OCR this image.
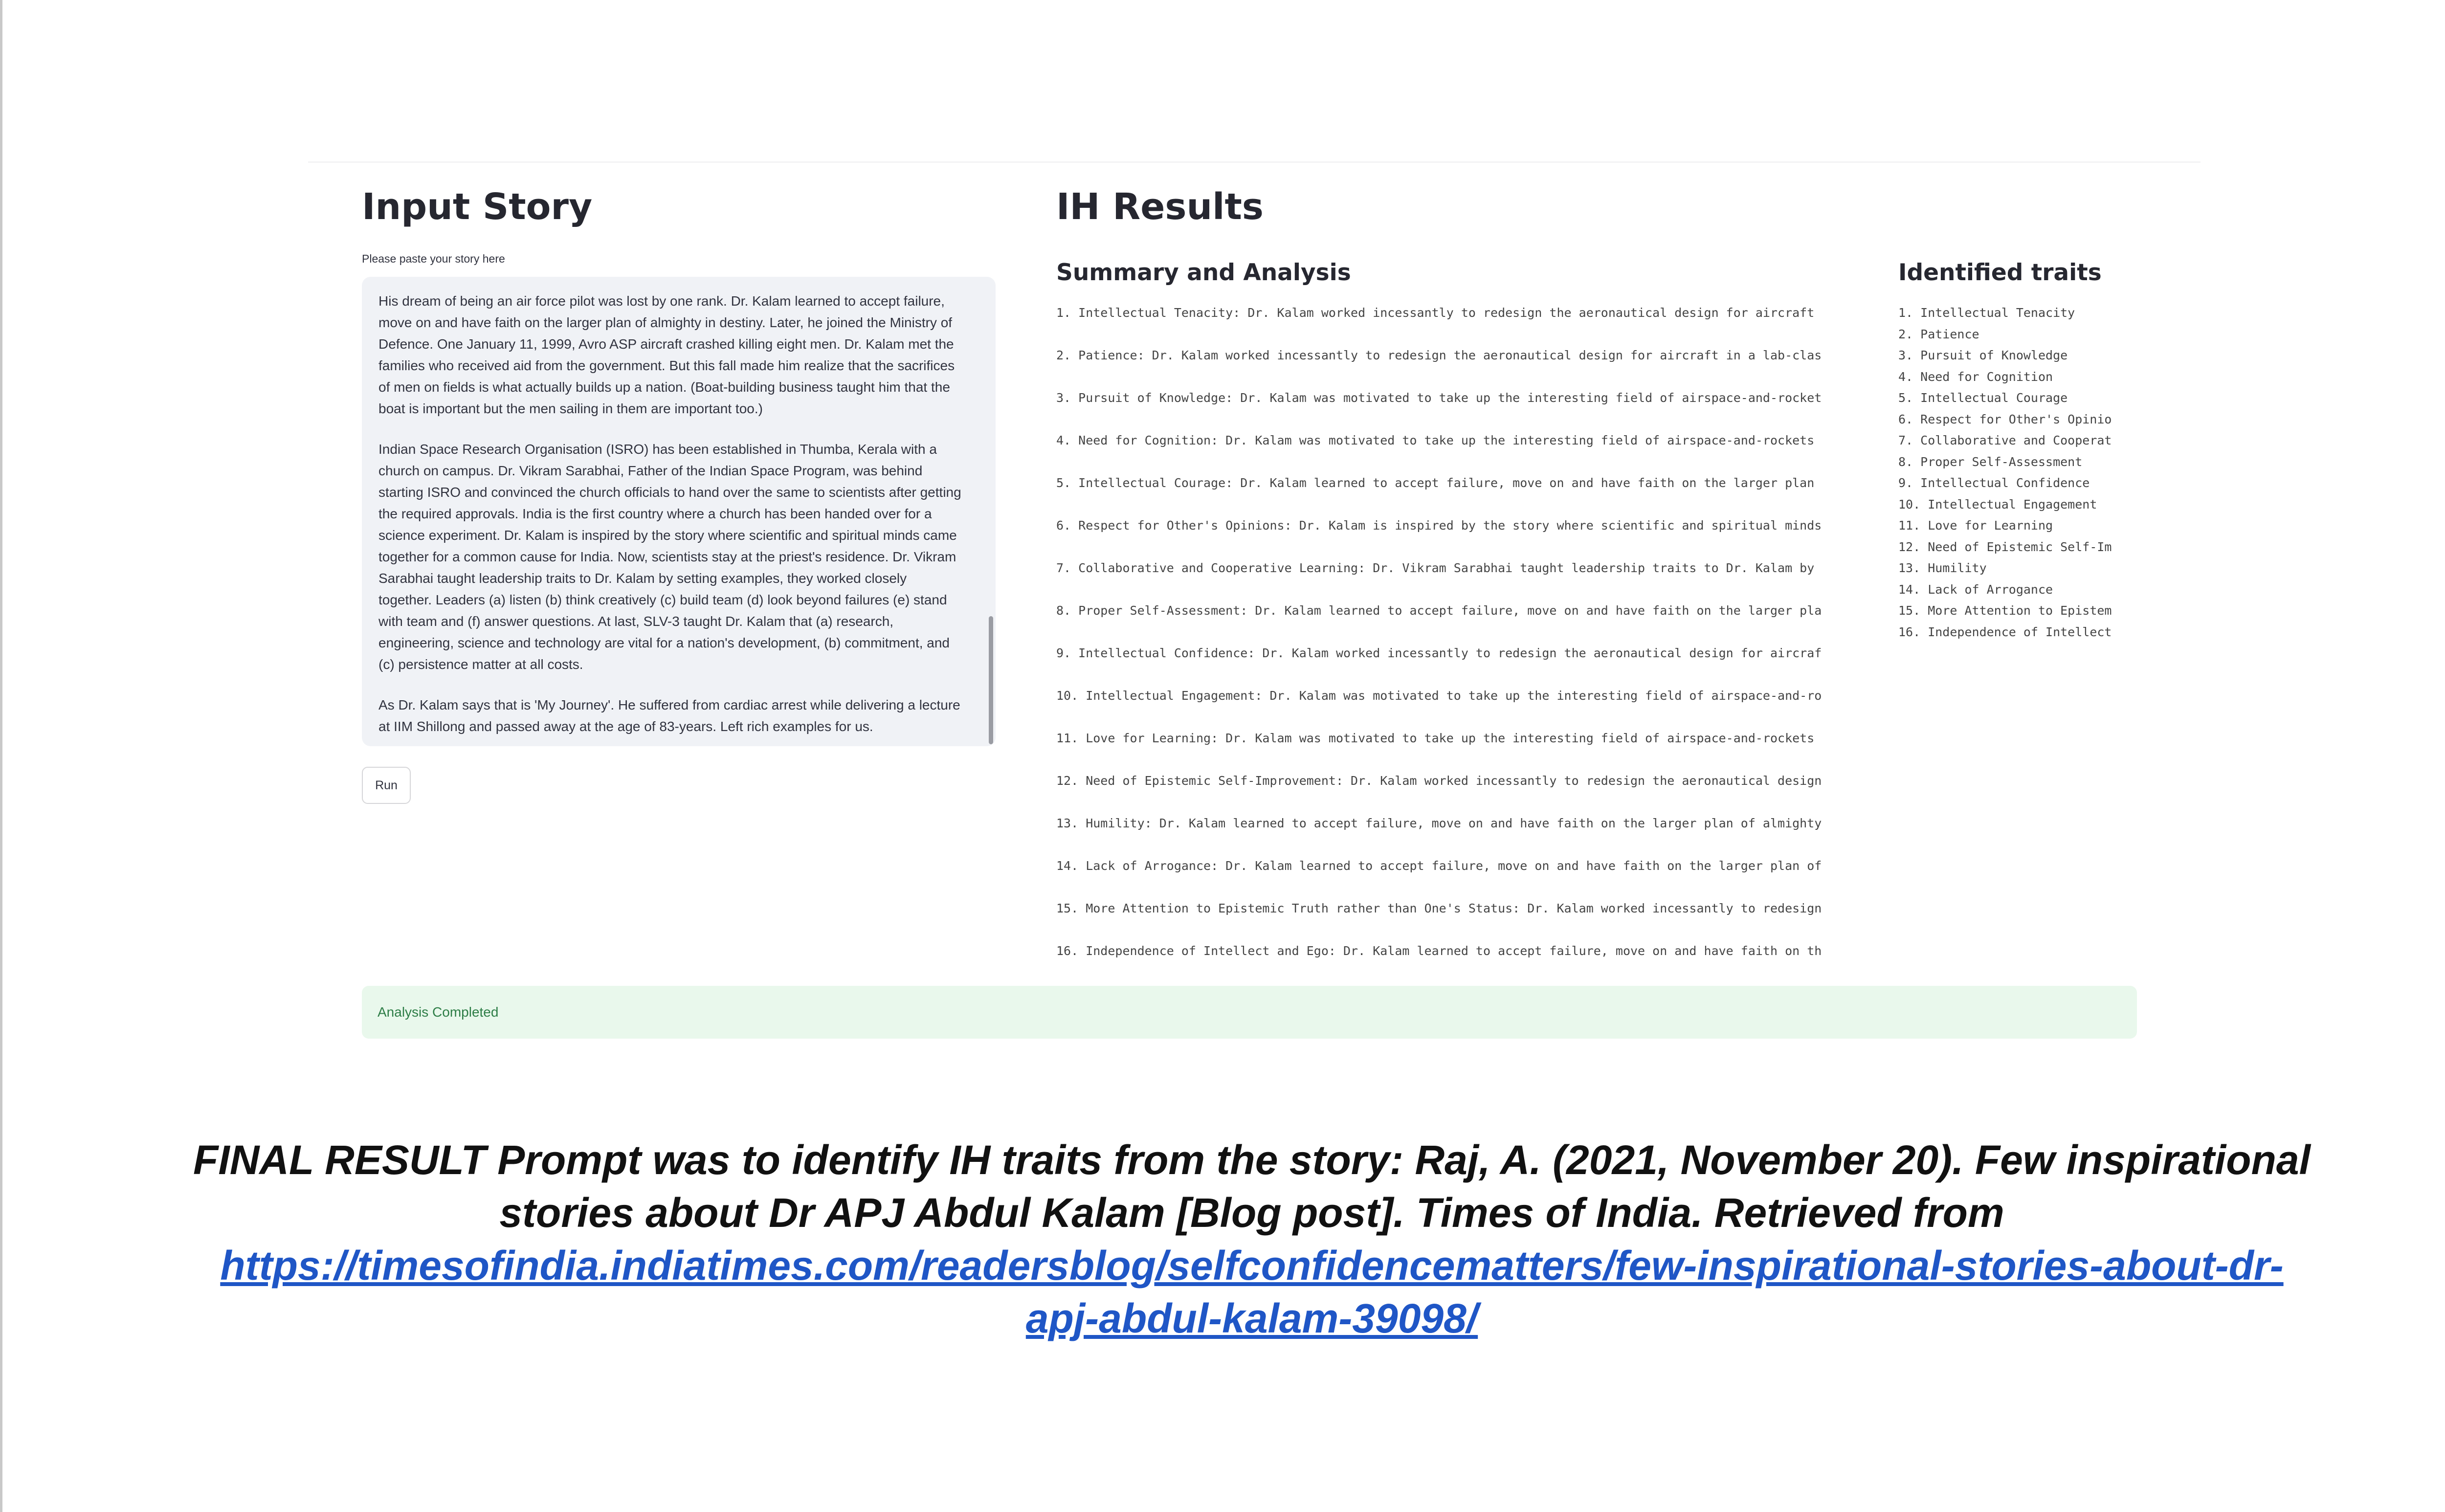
Input Story
Please paste your story here

His dream of being an air force pilot was lost by one rank. Dr. Kalam learned to accept failure, move on and have faith on the larger plan of almighty in destiny. Later, he joined the Ministry of Defence. One January 11, 1999, Avro ASP aircraft crashed killing eight men. Dr. Kalam met the families who received aid from the government. But this fall made him realize that the sacrifices of men on fields is what actually builds up a nation. (Boat-building business taught him that the boat is important but the men sailing in them are important too.)

Indian Space Research Organisation (ISRO) has been established in Thumba, Kerala with a church on campus. Dr. Vikram Sarabhai, Father of the Indian Space Program, was behind starting ISRO and convinced the church officials to hand over the same to scientists after getting the required approvals. India is the first country where a church has been handed over for a science experiment. Dr. Kalam is inspired by the story where scientific and spiritual minds came together for a common cause for India. Now, scientists stay at the priest's residence. Dr. Vikram Sarabhai taught leadership traits to Dr. Kalam by setting examples, they worked closely together. Leaders (a) listen (b) think creatively (c) build team (d) look beyond failures (e) stand with team and (f) answer questions. At last, SLV-3 taught Dr. Kalam that (a) research, engineering, science and technology are vital for a nation's development, (b) commitment, and (c) persistence matter at all costs.

As Dr. Kalam says that is 'My Journey'. He suffered from cardiac arrest while delivering a lecture at IIM Shillong and passed away at the age of 83-years. Left rich examples for us.

Run
IH Results
Summary and Analysis	Identified traits
1. Intellectual Tenacity: Dr. Kalam worked incessantly to redesign the aeronautical design for aircraft
2. Patience: Dr. Kalam worked incessantly to redesign the aeronautical design for aircraft in a lab-clas
3. Pursuit of Knowledge: Dr. Kalam was motivated to take up the interesting field of airspace-and-rocket
4. Need for Cognition: Dr. Kalam was motivated to take up the interesting field of airspace-and-rockets
5. Intellectual Courage: Dr. Kalam learned to accept failure, move on and have faith on the larger plan
6. Respect for Other's Opinions: Dr. Kalam is inspired by the story where scientific and spiritual minds
7. Collaborative and Cooperative Learning: Dr. Vikram Sarabhai taught leadership traits to Dr. Kalam by
8. Proper Self-Assessment: Dr. Kalam learned to accept failure, move on and have faith on the larger pla
9. Intellectual Confidence: Dr. Kalam worked incessantly to redesign the aeronautical design for aircraf
10. Intellectual Engagement: Dr. Kalam was motivated to take up the interesting field of airspace-and-ro
11. Love for Learning: Dr. Kalam was motivated to take up the interesting field of airspace-and-rockets
12. Need of Epistemic Self-Improvement: Dr. Kalam worked incessantly to redesign the aeronautical design
13. Humility: Dr. Kalam learned to accept failure, move on and have faith on the larger plan of almighty
14. Lack of Arrogance: Dr. Kalam learned to accept failure, move on and have faith on the larger plan of
15. More Attention to Epistemic Truth rather than One's Status: Dr. Kalam worked incessantly to redesign
16. Independence of Intellect and Ego: Dr. Kalam learned to accept failure, move on and have faith on th
1. Intellectual Tenacity
2. Patience
3. Pursuit of Knowledge
4. Need for Cognition
5. Intellectual Courage
6. Respect for Other's Opinio
7. Collaborative and Cooperat
8. Proper Self-Assessment
9. Intellectual Confidence
10. Intellectual Engagement
11. Love for Learning
12. Need of Epistemic Self-Im
13. Humility
14. Lack of Arrogance
15. More Attention to Epistem
16. Independence of Intellect
Analysis Completed
FINAL RESULT Prompt was to identify IH traits from the story: Raj, A. (2021, November 20). Few inspirational stories about Dr APJ Abdul Kalam [Blog post]. Times of India. Retrieved from
https://timesofindia.indiatimes.com/readersblog/selfconfidencematters/few-inspirational-stories-about-dr-apj-abdul-kalam-39098/
